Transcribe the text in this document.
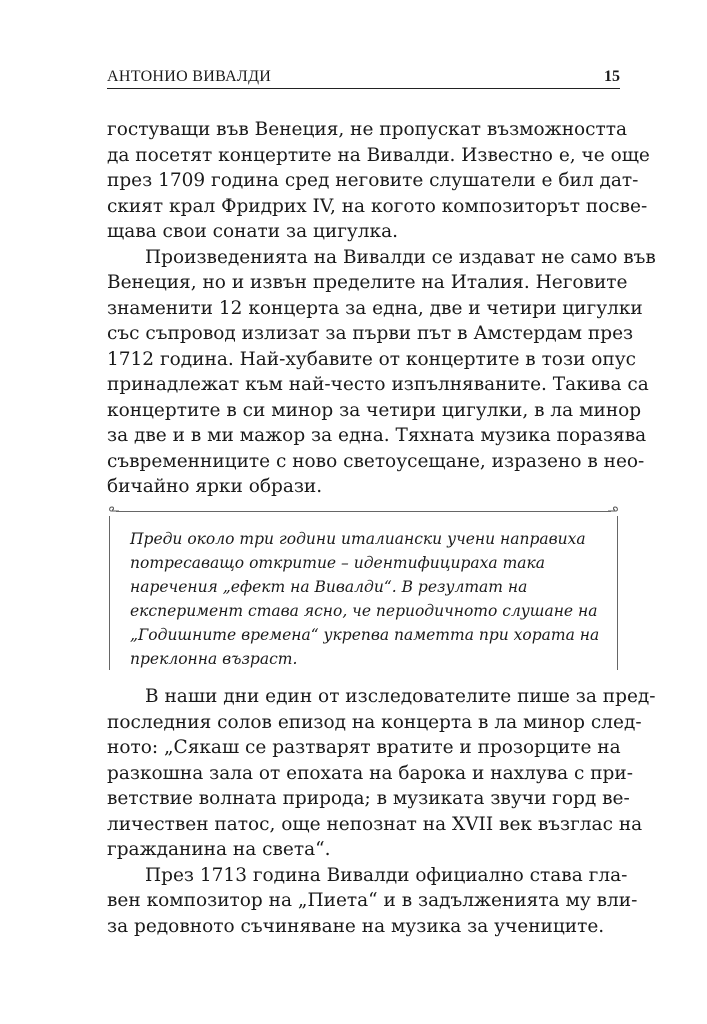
АНТОНИО ВИВАЛДИ	15
гостуващи във Венеция, не пропускат възможността
да посетят концертите на Вивалди. Известно е, че още
през 1709 година сред неговите слушатели е бил дат-
ският крал Фридрих IV, на когото композиторът посве-
щава свои сонати за цигулка.
Произведенията на Вивалди се издават не само във
Венеция, но и извън пределите на Италия. Неговите
знаменити 12 концерта за една, две и четири цигулки
със съпровод излизат за първи път в Амстердам през
1712 година. Най-хубавите от концертите в този опус
принадлежат към най-често изпълняваните. Такива са
концертите в си минор за четири цигулки, в ла минор
за две и в ми мажор за една. Тяхната музика поразява
съвременниците с ново светоусещане, изразено в нео-
бичайно ярки образи.
Преди около три години италиански учени направиха
потресаващо откритие – идентифицираха така
наречения „ефект на Вивалди“. В резултат на
експеримент става ясно, че периодичното слушане на
„Годишните времена“ укрепва паметта при хората на
преклонна възраст.
В наши дни един от изследователите пише за пред-
последния солов епизод на концерта в ла минор след-
ното: „Сякаш се разтварят вратите и прозорците на
разкошна зала от епохата на барока и нахлува с при-
ветствие волната природа; в музиката звучи горд ве-
личествен патос, още непознат на XVII век възглас на
гражданина на света“.
През 1713 година Вивалди официално става гла-
вен композитор на „Пиета“ и в задълженията му вли-
за редовното съчиняване на музика за учениците.
